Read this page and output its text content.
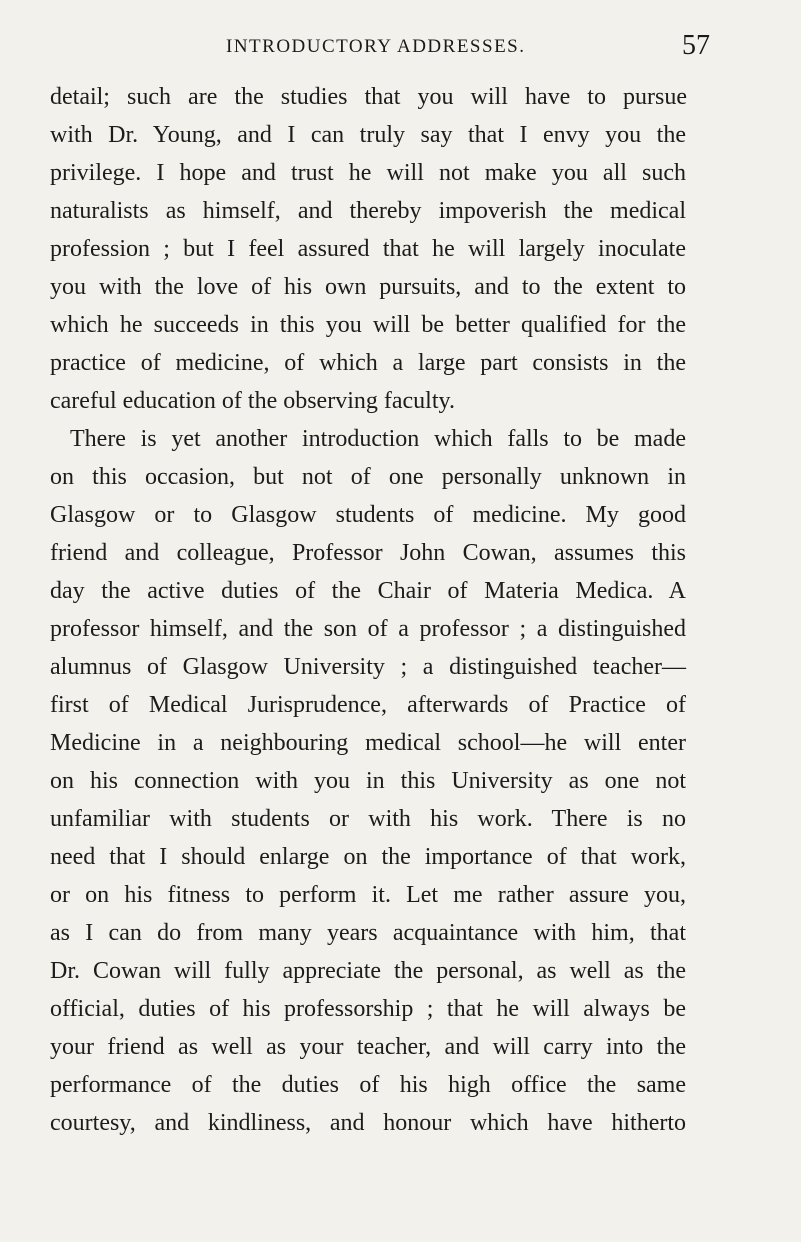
INTRODUCTORY ADDRESSES.	57
detail; such are the studies that you will have to pursue
with Dr. Young, and I can truly say that I envy you the
privilege. I hope and trust he will not make you all such
naturalists as himself, and thereby impoverish the medical
profession ; but I feel assured that he will largely inoculate
you with the love of his own pursuits, and to the extent to
which he succeeds in this you will be better qualified for the
practice of medicine, of which a large part consists in the
careful education of the observing faculty.
There is yet another introduction which falls to be made
on this occasion, but not of one personally unknown in
Glasgow or to Glasgow students of medicine. My good
friend and colleague, Professor John Cowan, assumes this
day the active duties of the Chair of Materia Medica. A
professor himself, and the son of a professor ; a distinguished
alumnus of Glasgow University ; a distinguished teacher—
first of Medical Jurisprudence, afterwards of Practice of
Medicine in a neighbouring medical school—he will enter
on his connection with you in this University as one not
unfamiliar with students or with his work. There is no
need that I should enlarge on the importance of that work,
or on his fitness to perform it. Let me rather assure you,
as I can do from many years acquaintance with him, that
Dr. Cowan will fully appreciate the personal, as well as the
official, duties of his professorship ; that he will always be
your friend as well as your teacher, and will carry into the
performance of the duties of his high office the same
courtesy, and kindliness, and honour which have hitherto
